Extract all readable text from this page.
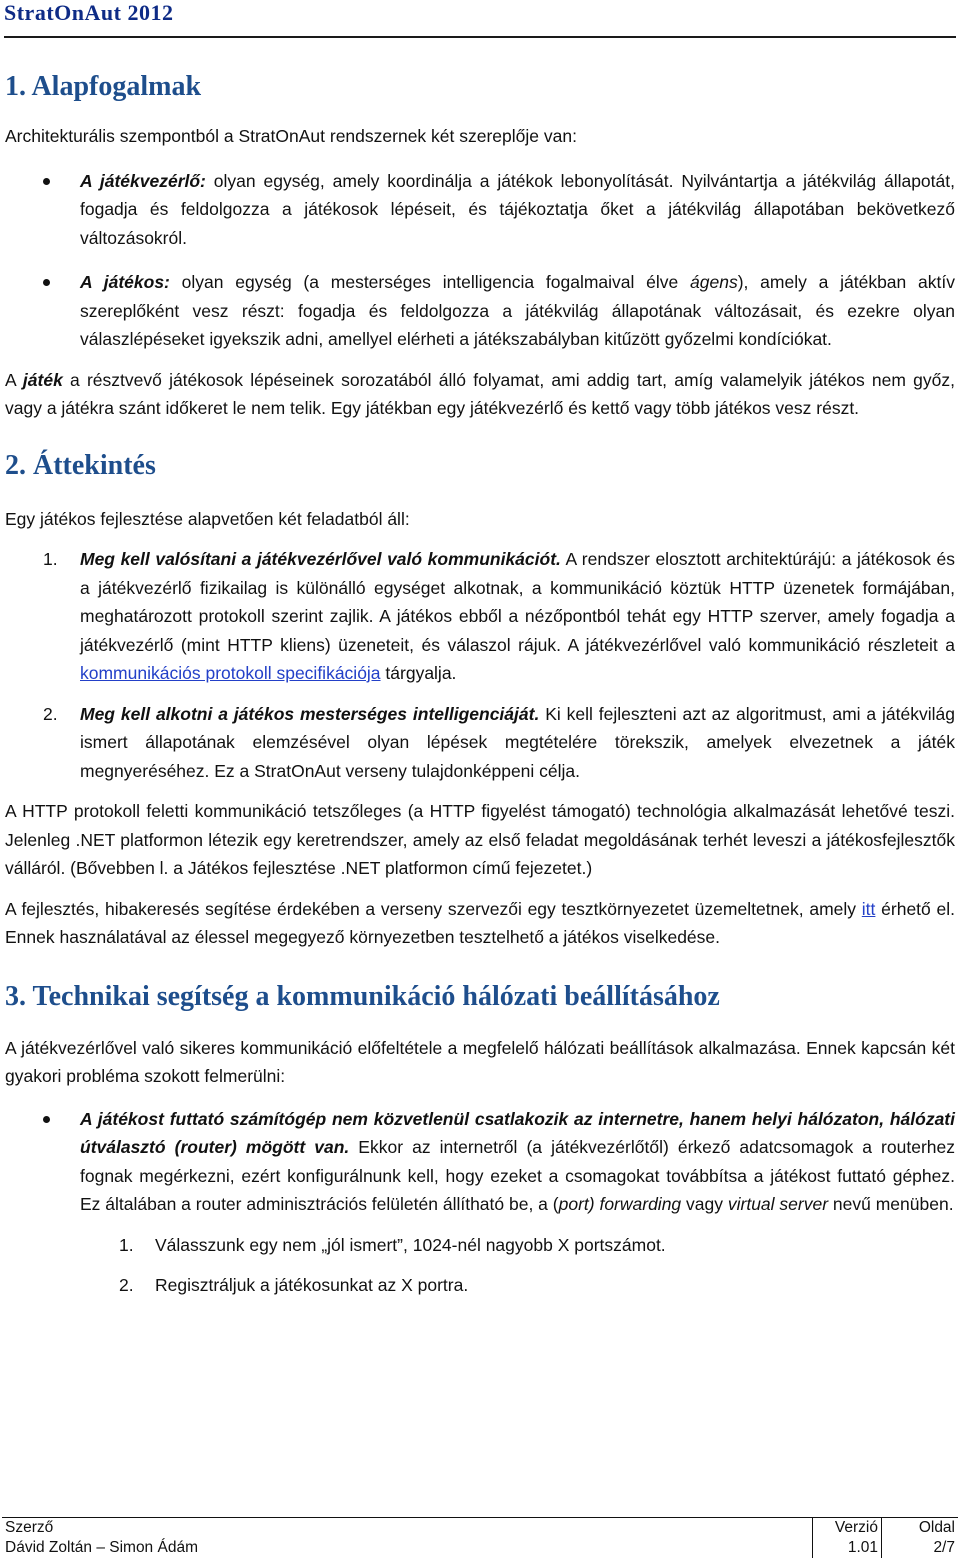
StratOnAut 2012
1. Alapfogalmak

Architekturális szempontból a StratOnAut rendszernek két szereplője van:

A játékvezérlő: olyan egység, amely koordinálja a játékok lebonyolítását. Nyilvántartja a játékvilág állapotát, fogadja és feldolgozza a játékosok lépéseit, és tájékoztatja őket a játékvilág állapotában bekövetkező változásokról.
A játékos: olyan egység (a mesterséges intelligencia fogalmaival élve ágens), amely a játékban aktív szereplőként vesz részt: fogadja és feldolgozza a játékvilág állapotának változásait, és ezekre olyan válaszlépéseket igyekszik adni, amellyel elérheti a játékszabályban kitűzött győzelmi kondíciókat.

A játék a résztvevő játékosok lépéseinek sorozatából álló folyamat, ami addig tart, amíg valamelyik játékos nem győz, vagy a játékra szánt időkeret le nem telik. Egy játékban egy játékvezérlő és kettő vagy több játékos vesz részt.

2. Áttekintés

Egy játékos fejlesztése alapvetően két feladatból áll:

1. Meg kell valósítani a játékvezérlővel való kommunikációt. A rendszer elosztott architektúrájú: a játékosok és a játékvezérlő fizikailag is különálló egységet alkotnak, a kommunikáció köztük HTTP üzenetek formájában, meghatározott protokoll szerint zajlik. A játékos ebből a nézőpontból tehát egy HTTP szerver, amely fogadja a játékvezérlő (mint HTTP kliens) üzeneteit, és válaszol rájuk. A játékvezérlővel való kommunikáció részleteit a kommunikációs protokoll specifikációja tárgyalja.
2. Meg kell alkotni a játékos mesterséges intelligenciáját. Ki kell fejleszteni azt az algoritmust, ami a játékvilág ismert állapotának elemzésével olyan lépések megtételére törekszik, amelyek elvezetnek a játék megnyeréséhez. Ez a StratOnAut verseny tulajdonképpeni célja.

A HTTP protokoll feletti kommunikáció tetszőleges (a HTTP figyelést támogató) technológia alkalmazását lehetővé teszi. Jelenleg .NET platformon létezik egy keretrendszer, amely az első feladat megoldásának terhét leveszi a játékosfejlesztők válláról. (Bővebben l. a Játékos fejlesztése .NET platformon című fejezetet.)

A fejlesztés, hibakeresés segítése érdekében a verseny szervezői egy tesztkörnyezetet üzemeltetnek, amely itt érhető el. Ennek használatával az élessel megegyező környezetben tesztelhető a játékos viselkedése.

3. Technikai segítség a kommunikáció hálózati beállításához

A játékvezérlővel való sikeres kommunikáció előfeltétele a megfelelő hálózati beállítások alkalmazása. Ennek kapcsán két gyakori probléma szokott felmerülni:

A játékost futtató számítógép nem közvetlenül csatlakozik az internetre, hanem helyi hálózaton, hálózati útválasztó (router) mögött van. Ekkor az internetről (a játékvezérlőtől) érkező adatcsomagok a routerhez fognak megérkezni, ezért konfigurálnunk kell, hogy ezeket a csomagokat továbbítsa a játékost futtató géphez. Ez általában a router adminisztrációs felületén állítható be, a (port) forwarding vagy virtual server nevű menüben.
1. Válasszunk egy nem „jól ismert”, 1024-nél nagyobb X portszámot.
2. Regisztráljuk a játékosunkat az X portra.
Szerző	Verzió	Oldal
Dávid Zoltán – Simon Ádám	1.01	2/7
